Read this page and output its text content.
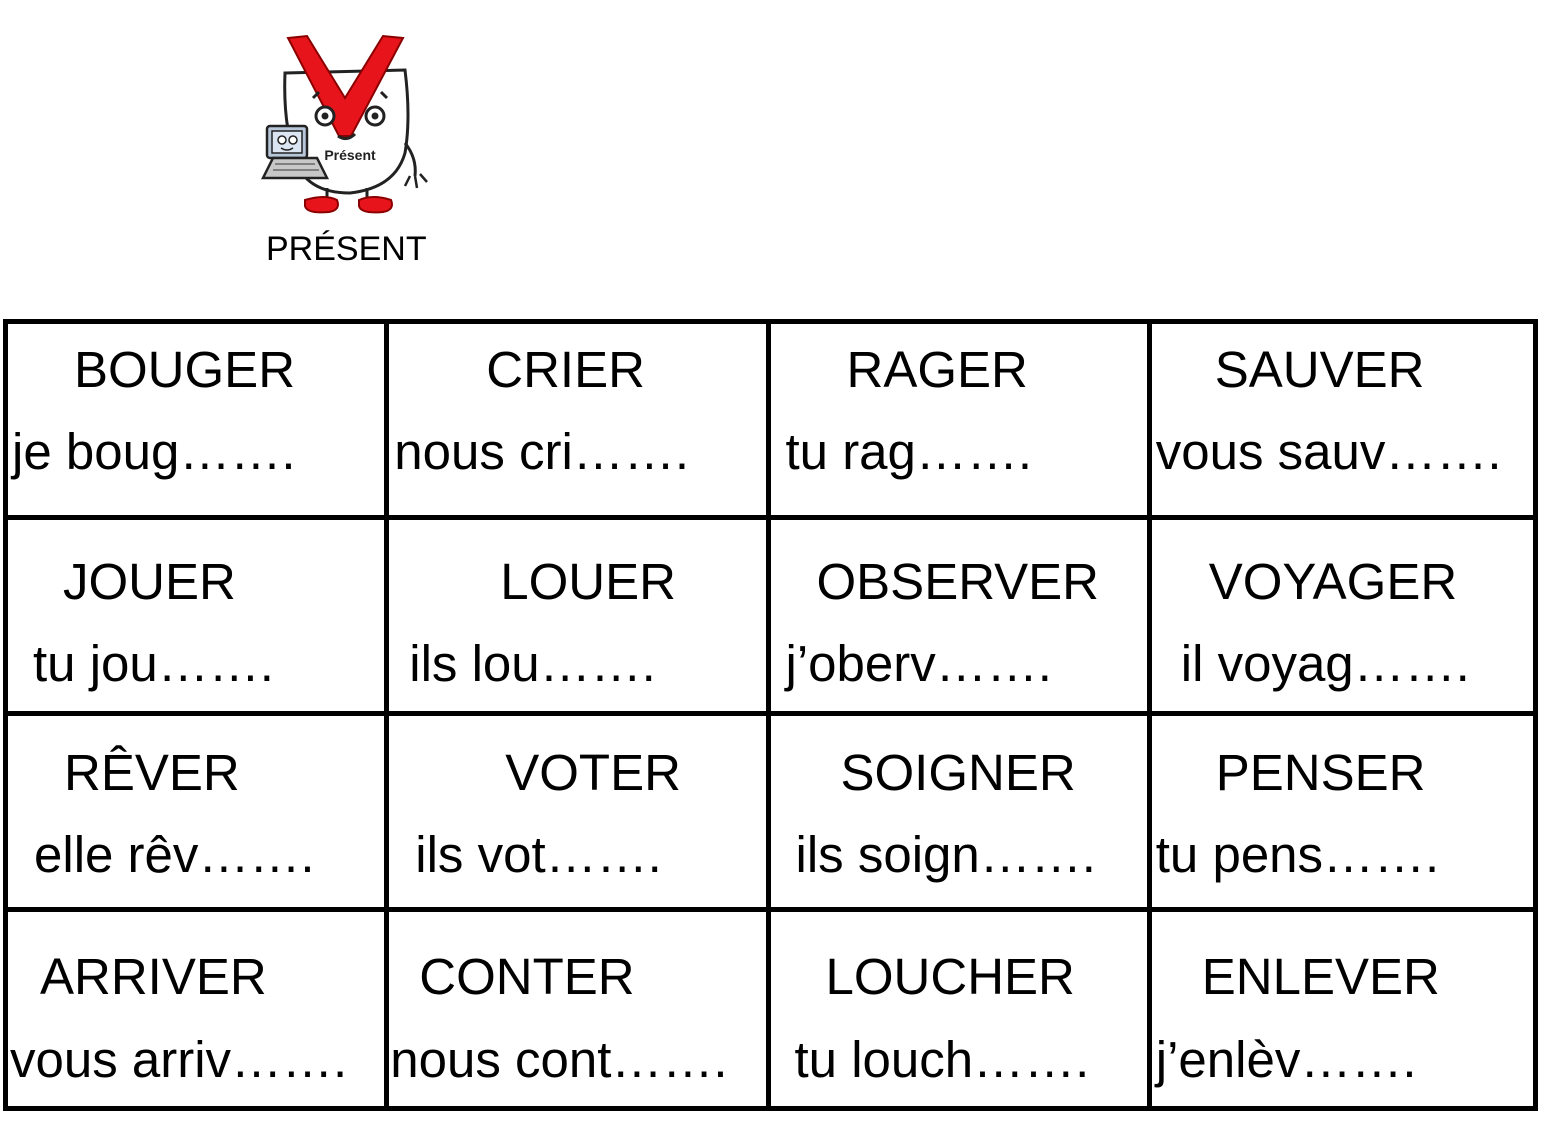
Présent
PRÉSENT
BOUGER
je boug…….
CRIER
nous cri…….
RAGER
tu rag…….
SAUVER
vous sauv…….
JOUER
tu jou…….
LOUER
ils lou…….
OBSERVER
j’oberv…….
VOYAGER
il voyag…….
RÊVER
elle rêv…….
VOTER
ils vot…….
SOIGNER
ils soign…….
PENSER
tu pens…….
ARRIVER
vous arriv…….
CONTER
nous cont…….
LOUCHER
tu louch…….
ENLEVER
j’enlèv…….
